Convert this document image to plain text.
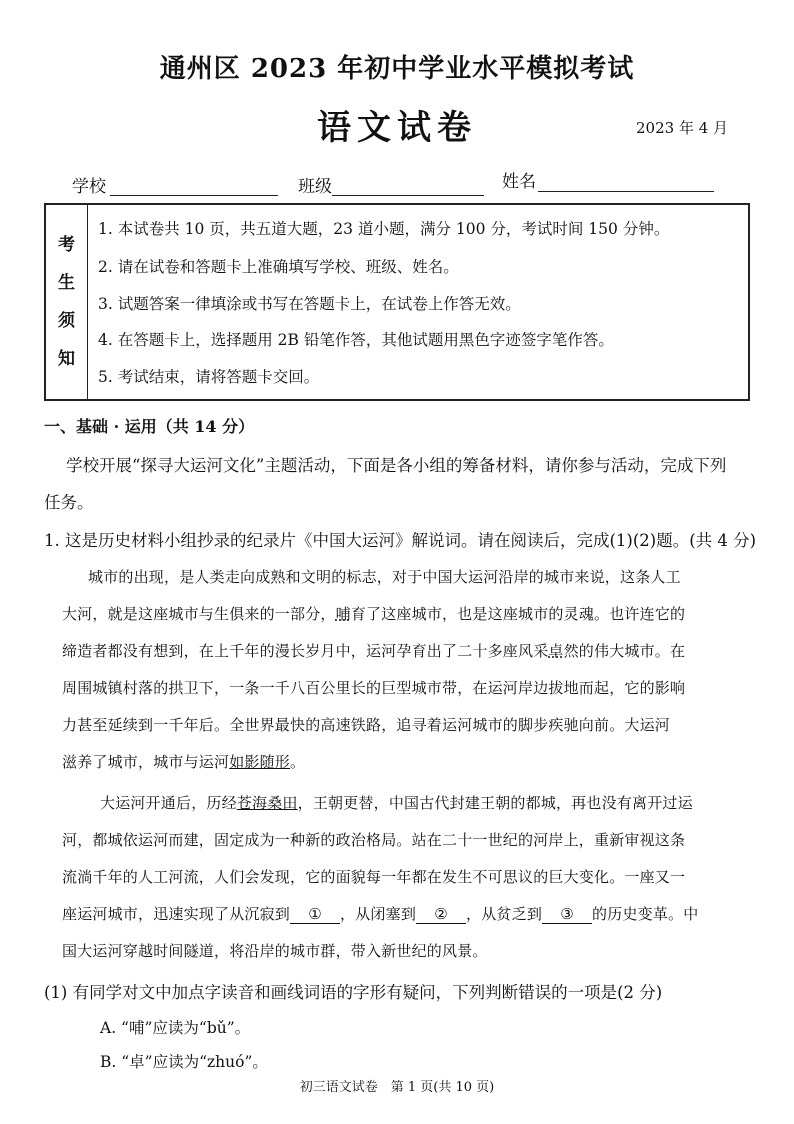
通州区 2023 年初中学业水平模拟考试
语文试卷	2023 年 4 月
学校	班级	姓名
考
生
须
知
1. 本试卷共 10 页，共五道大题，23 道小题，满分 100 分，考试时间 150 分钟。
2. 请在试卷和答题卡上准确填写学校、班级、姓名。
3. 试题答案一律填涂或书写在答题卡上，在试卷上作答无效。
4. 在答题卡上，选择题用 2B 铅笔作答，其他试题用黑色字迹签字笔作答。
5. 考试结束，请将答题卡交回。
一、基础 · 运用（共 14 分）
学校开展“探寻大运河文化”主题活动，下面是各小组的筹备材料，请你参与活动，完成下列
任务。
1. 这是历史材料小组抄录的纪录片《中国大运河》解说词。请在阅读后，完成(1)(2)题。(共 4 分)
城市的出现，是人类走向成熟和文明的标志，对于中国大运河沿岸的城市来说，这条人工
大河，就是这座城市与生俱来的一部分，哺育了这座城市，也是这座城市的灵魂。也许连它的
缔造者都没有想到，在上千年的漫长岁月中，运河孕育出了二十多座风采卓然的伟大城市。在
周围城镇村落的拱卫下，一条一千八百公里长的巨型城市带，在运河岸边拔地而起，它的影响
力甚至延续到一千年后。全世界最快的高速铁路，追寻着运河城市的脚步疾驰向前。大运河
滋养了城市，城市与运河如影随形。
大运河开通后，历经苍海桑田，王朝更替，中国古代封建王朝的都城，再也没有离开过运
河，都城依运河而建，固定成为一种新的政治格局。站在二十一世纪的河岸上，重新审视这条
流淌千年的人工河流，人们会发现，它的面貌每一年都在发生不可思议的巨大变化。一座又一
座运河城市，迅速实现了从沉寂到 ① ，从闭塞到 ② ，从贫乏到 ③ 的历史变革。中
国大运河穿越时间隧道，将沿岸的城市群，带入新世纪的风景。
(1) 有同学对文中加点字读音和画线词语的字形有疑问，下列判断错误的一项是(2 分)
A. “哺”应读为“bǔ”。
B. “卓”应读为“zhuó”。
初三语文试卷　第 1 页(共 10 页)
